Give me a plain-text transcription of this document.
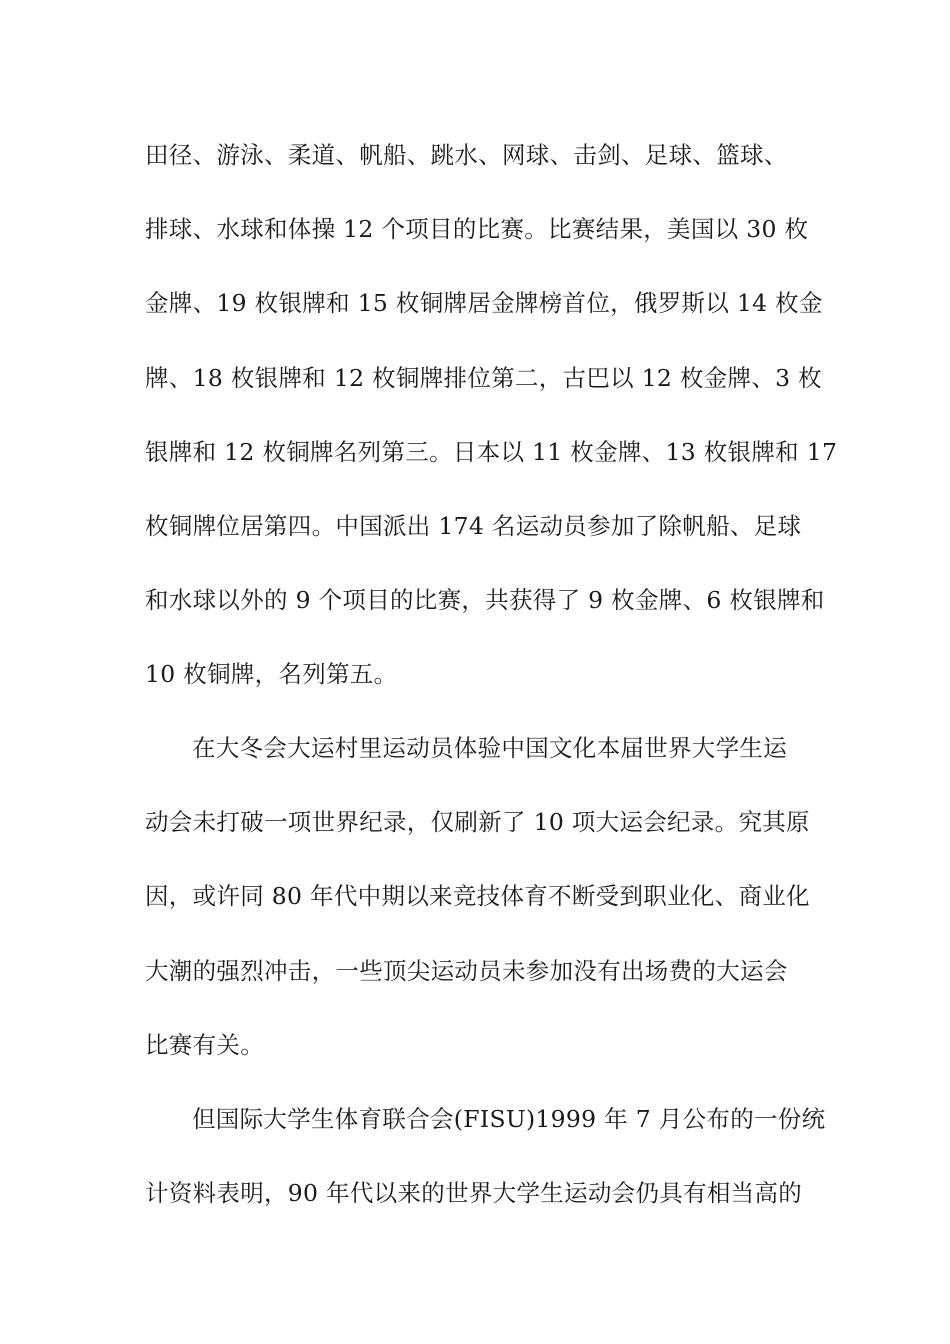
田径、游泳、柔道、帆船、跳水、网球、击剑、足球、篮球、
排球、水球和体操 12 个项目的比赛。比赛结果，美国以 30 枚
金牌、19 枚银牌和 15 枚铜牌居金牌榜首位，俄罗斯以 14 枚金
牌、18 枚银牌和 12 枚铜牌排位第二，古巴以 12 枚金牌、3 枚
银牌和 12 枚铜牌名列第三。日本以 11 枚金牌、13 枚银牌和 17
枚铜牌位居第四。中国派出 174 名运动员参加了除帆船、足球
和水球以外的 9 个项目的比赛，共获得了 9 枚金牌、6 枚银牌和
10 枚铜牌，名列第五。
在大冬会大运村里运动员体验中国文化本届世界大学生运
动会未打破一项世界纪录，仅刷新了 10 项大运会纪录。究其原
因，或许同 80 年代中期以来竞技体育不断受到职业化、商业化
大潮的强烈冲击，一些顶尖运动员未参加没有出场费的大运会
比赛有关。
但国际大学生体育联合会(FISU)1999 年 7 月公布的一份统
计资料表明，90 年代以来的世界大学生运动会仍具有相当高的
